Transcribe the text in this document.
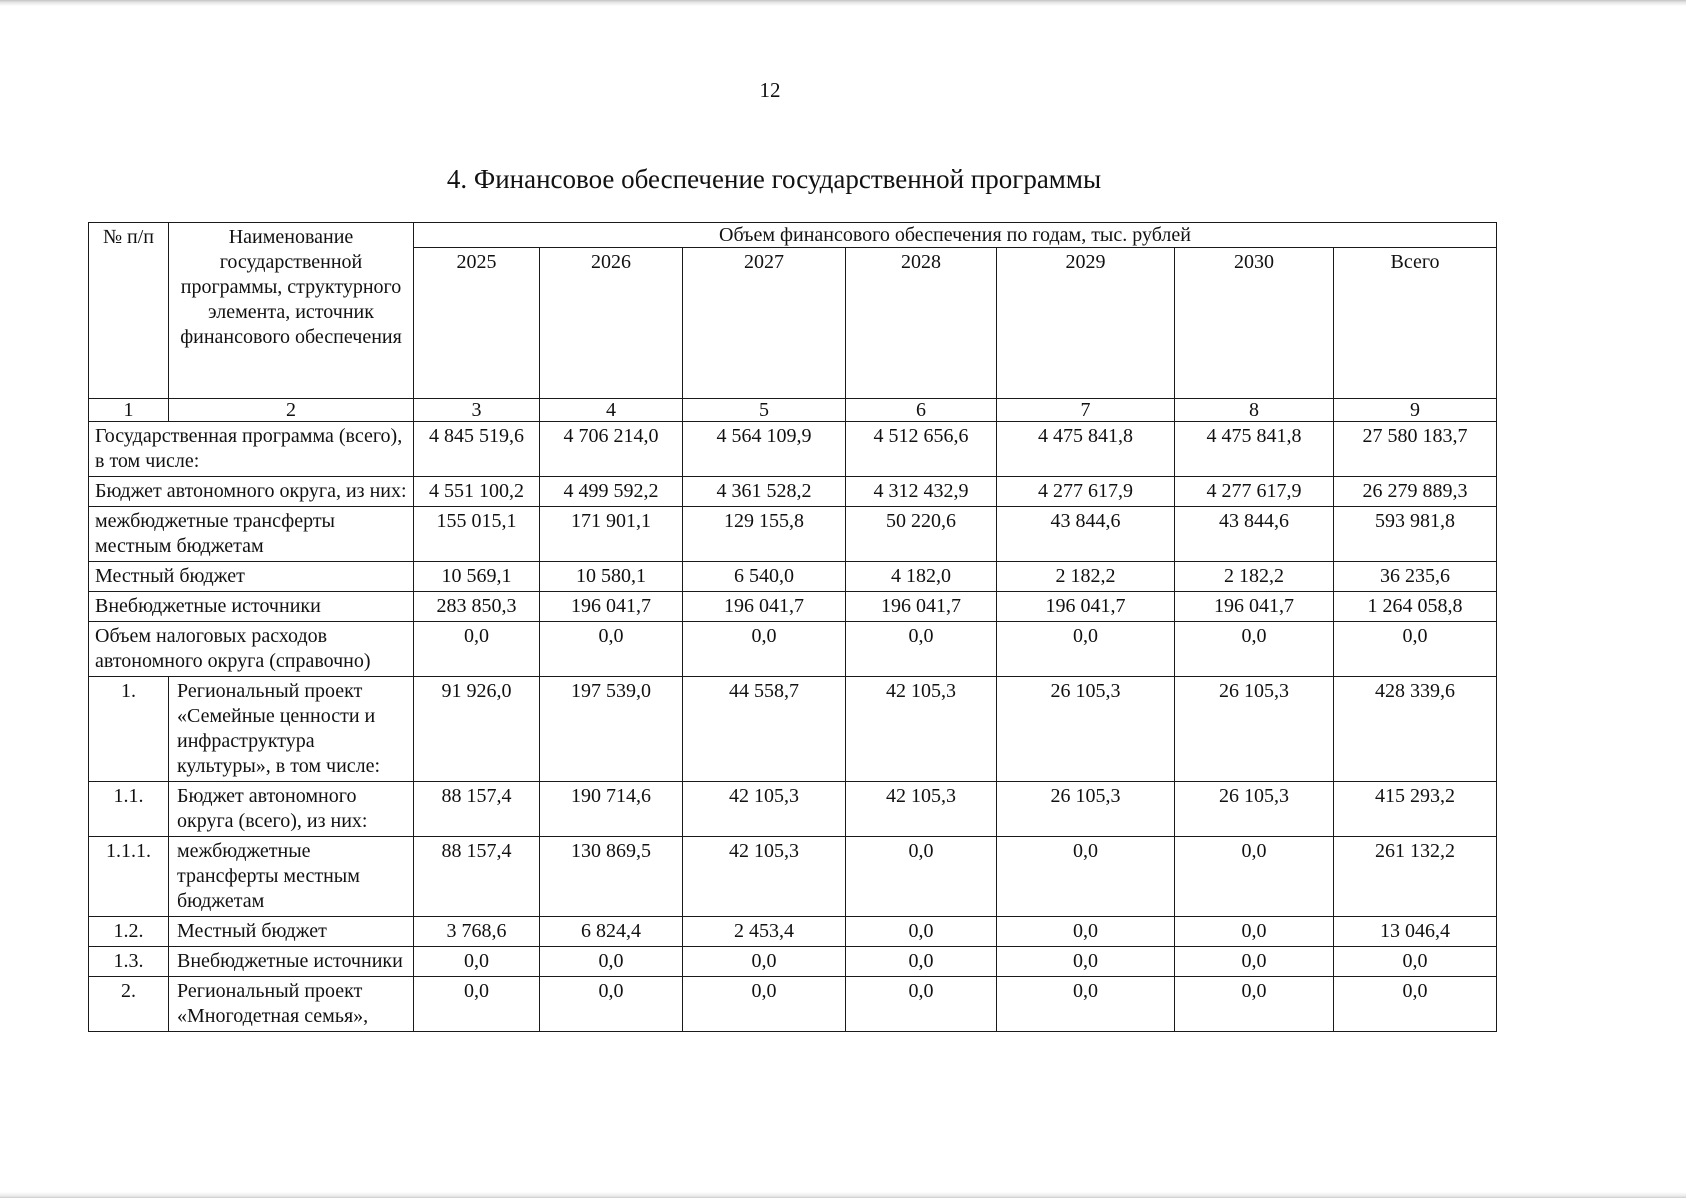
12
4. Финансовое обеспечение государственной программы
№ п/п	Наименование государственной программы, структурного элемента, источник финансового обеспечения	Объем финансового обеспечения по годам, тыс. рублей						
		2025	2026	2027	2028	2029	2030	Всего
1	2	3	4	5	6	7	8	9
Государственная программа (всего), в том числе:		4 845 519,6	4 706 214,0	4 564 109,9	4 512 656,6	4 475 841,8	4 475 841,8	27 580 183,7
Бюджет автономного округа, из них:		4 551 100,2	4 499 592,2	4 361 528,2	4 312 432,9	4 277 617,9	4 277 617,9	26 279 889,3
межбюджетные трансферты местным бюджетам		155 015,1	171 901,1	129 155,8	50 220,6	43 844,6	43 844,6	593 981,8
Местный бюджет		10 569,1	10 580,1	6 540,0	4 182,0	2 182,2	2 182,2	36 235,6
Внебюджетные источники		283 850,3	196 041,7	196 041,7	196 041,7	196 041,7	196 041,7	1 264 058,8
Объем налоговых расходов автономного округа (справочно)		0,0	0,0	0,0	0,0	0,0	0,0	0,0
1.	Региональный проект «Семейные ценности и инфраструктура культуры», в том числе:	91 926,0	197 539,0	44 558,7	42 105,3	26 105,3	26 105,3	428 339,6
1.1.	Бюджет автономного округа (всего), из них:	88 157,4	190 714,6	42 105,3	42 105,3	26 105,3	26 105,3	415 293,2
1.1.1.	межбюджетные трансферты местным бюджетам	88 157,4	130 869,5	42 105,3	0,0	0,0	0,0	261 132,2
1.2.	Местный бюджет	3 768,6	6 824,4	2 453,4	0,0	0,0	0,0	13 046,4
1.3.	Внебюджетные источники	0,0	0,0	0,0	0,0	0,0	0,0	0,0
2.	Региональный проект «Многодетная семья»,	0,0	0,0	0,0	0,0	0,0	0,0	0,0
